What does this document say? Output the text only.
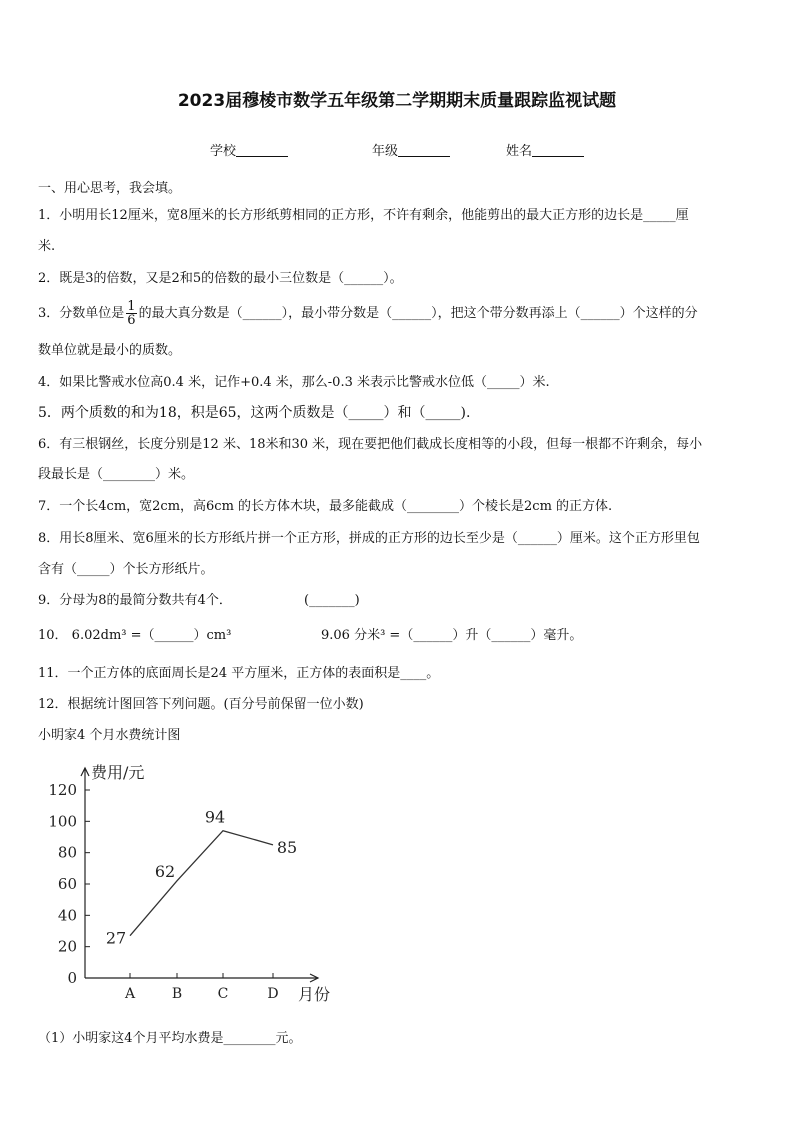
2023届穆棱市数学五年级第二学期期末质量跟踪监视试题
学校	年级	姓名
一、用心思考，我会填。
1．小明用长12厘米，宽8厘米的长方形纸剪相同的正方形，不许有剩余，他能剪出的最大正方形的边长是_____厘
米.
2．既是3的倍数，又是2和5的倍数的最小三位数是（______）。
3．分数单位是 $\frac{1}{6}$ 的最大真分数是（______），最小带分数是（______），把这个带分数再添上（______）个这样的分
数单位就是最小的质数。
4．如果比警戒水位高0.4 米，记作+0.4 米，那么-0.3 米表示比警戒水位低（_____）米.
5．两个质数的和为18，积是65，这两个质数是（_____）和（_____).
6．有三根钢丝，长度分别是12 米、18米和30 米，现在要把他们截成长度相等的小段，但每一根都不许剩余，每小
段最长是（________）米。
7．一个长4cm，宽2cm，高6cm 的长方体木块，最多能截成（________）个棱长是2cm 的正方体.
8．用长8厘米、宽6厘米的长方形纸片拼一个正方形，拼成的正方形的边长至少是（______）厘米。这个正方形里包
含有（_____）个长方形纸片。
9．分母为8的最简分数共有4个．	(_______)
10． 6.02dm³ =（______）cm³	9.06 分米³ =（______）升（______）毫升。
11．一个正方体的底面周长是24 平方厘米，正方体的表面积是____。
12．根据统计图回答下列问题。(百分号前保留一位小数)
小明家4 个月水费统计图
费用/元
月份
0
20
40
60
80
100
120
A	B	C	D
27
62
94
85
（1）小明家这4个月平均水费是________元。
